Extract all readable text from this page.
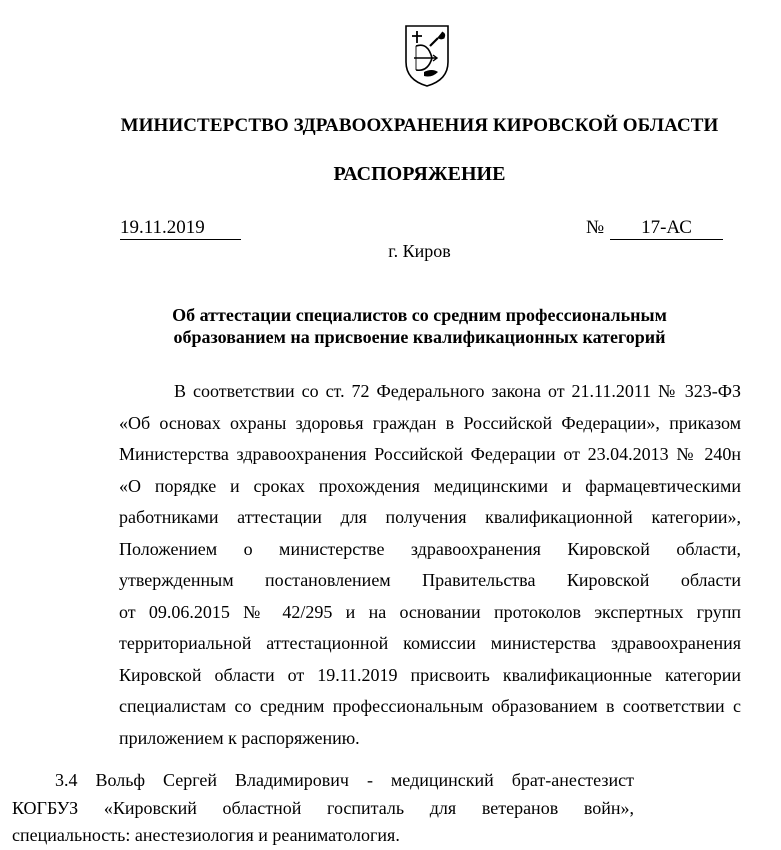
МИНИСТЕРСТВО ЗДРАВООХРАНЕНИЯ КИРОВСКОЙ ОБЛАСТИ
РАСПОРЯЖЕНИЕ
19.11.2019	№	17-АС
г. Киров
Об аттестации специалистов со средним профессиональным
образованием на присвоение квалификационных категорий
В соответствии со ст. 72 Федерального закона от 21.11.2011 № 323-ФЗ
«Об основах охраны здоровья граждан в Российской Федерации», приказом
Министерства здравоохранения Российской Федерации от 23.04.2013 № 240н
«О порядке и сроках прохождения медицинскими и фармацевтическими
работниками аттестации для получения квалификационной категории»,
Положением о министерстве здравоохранения Кировской области,
утвержденным постановлением Правительства Кировской области
от 09.06.2015 № 42/295 и на основании протоколов экспертных групп
территориальной аттестационной комиссии министерства здравоохранения
Кировской области от 19.11.2019 присвоить квалификационные категории
специалистам со средним профессиональным образованием в соответствии с
приложением к распоряжению.
3.4 Вольф Сергей Владимирович - медицинский брат-анестезист
КОГБУЗ «Кировский областной госпиталь для ветеранов войн»,
специальность: анестезиология и реаниматология.
